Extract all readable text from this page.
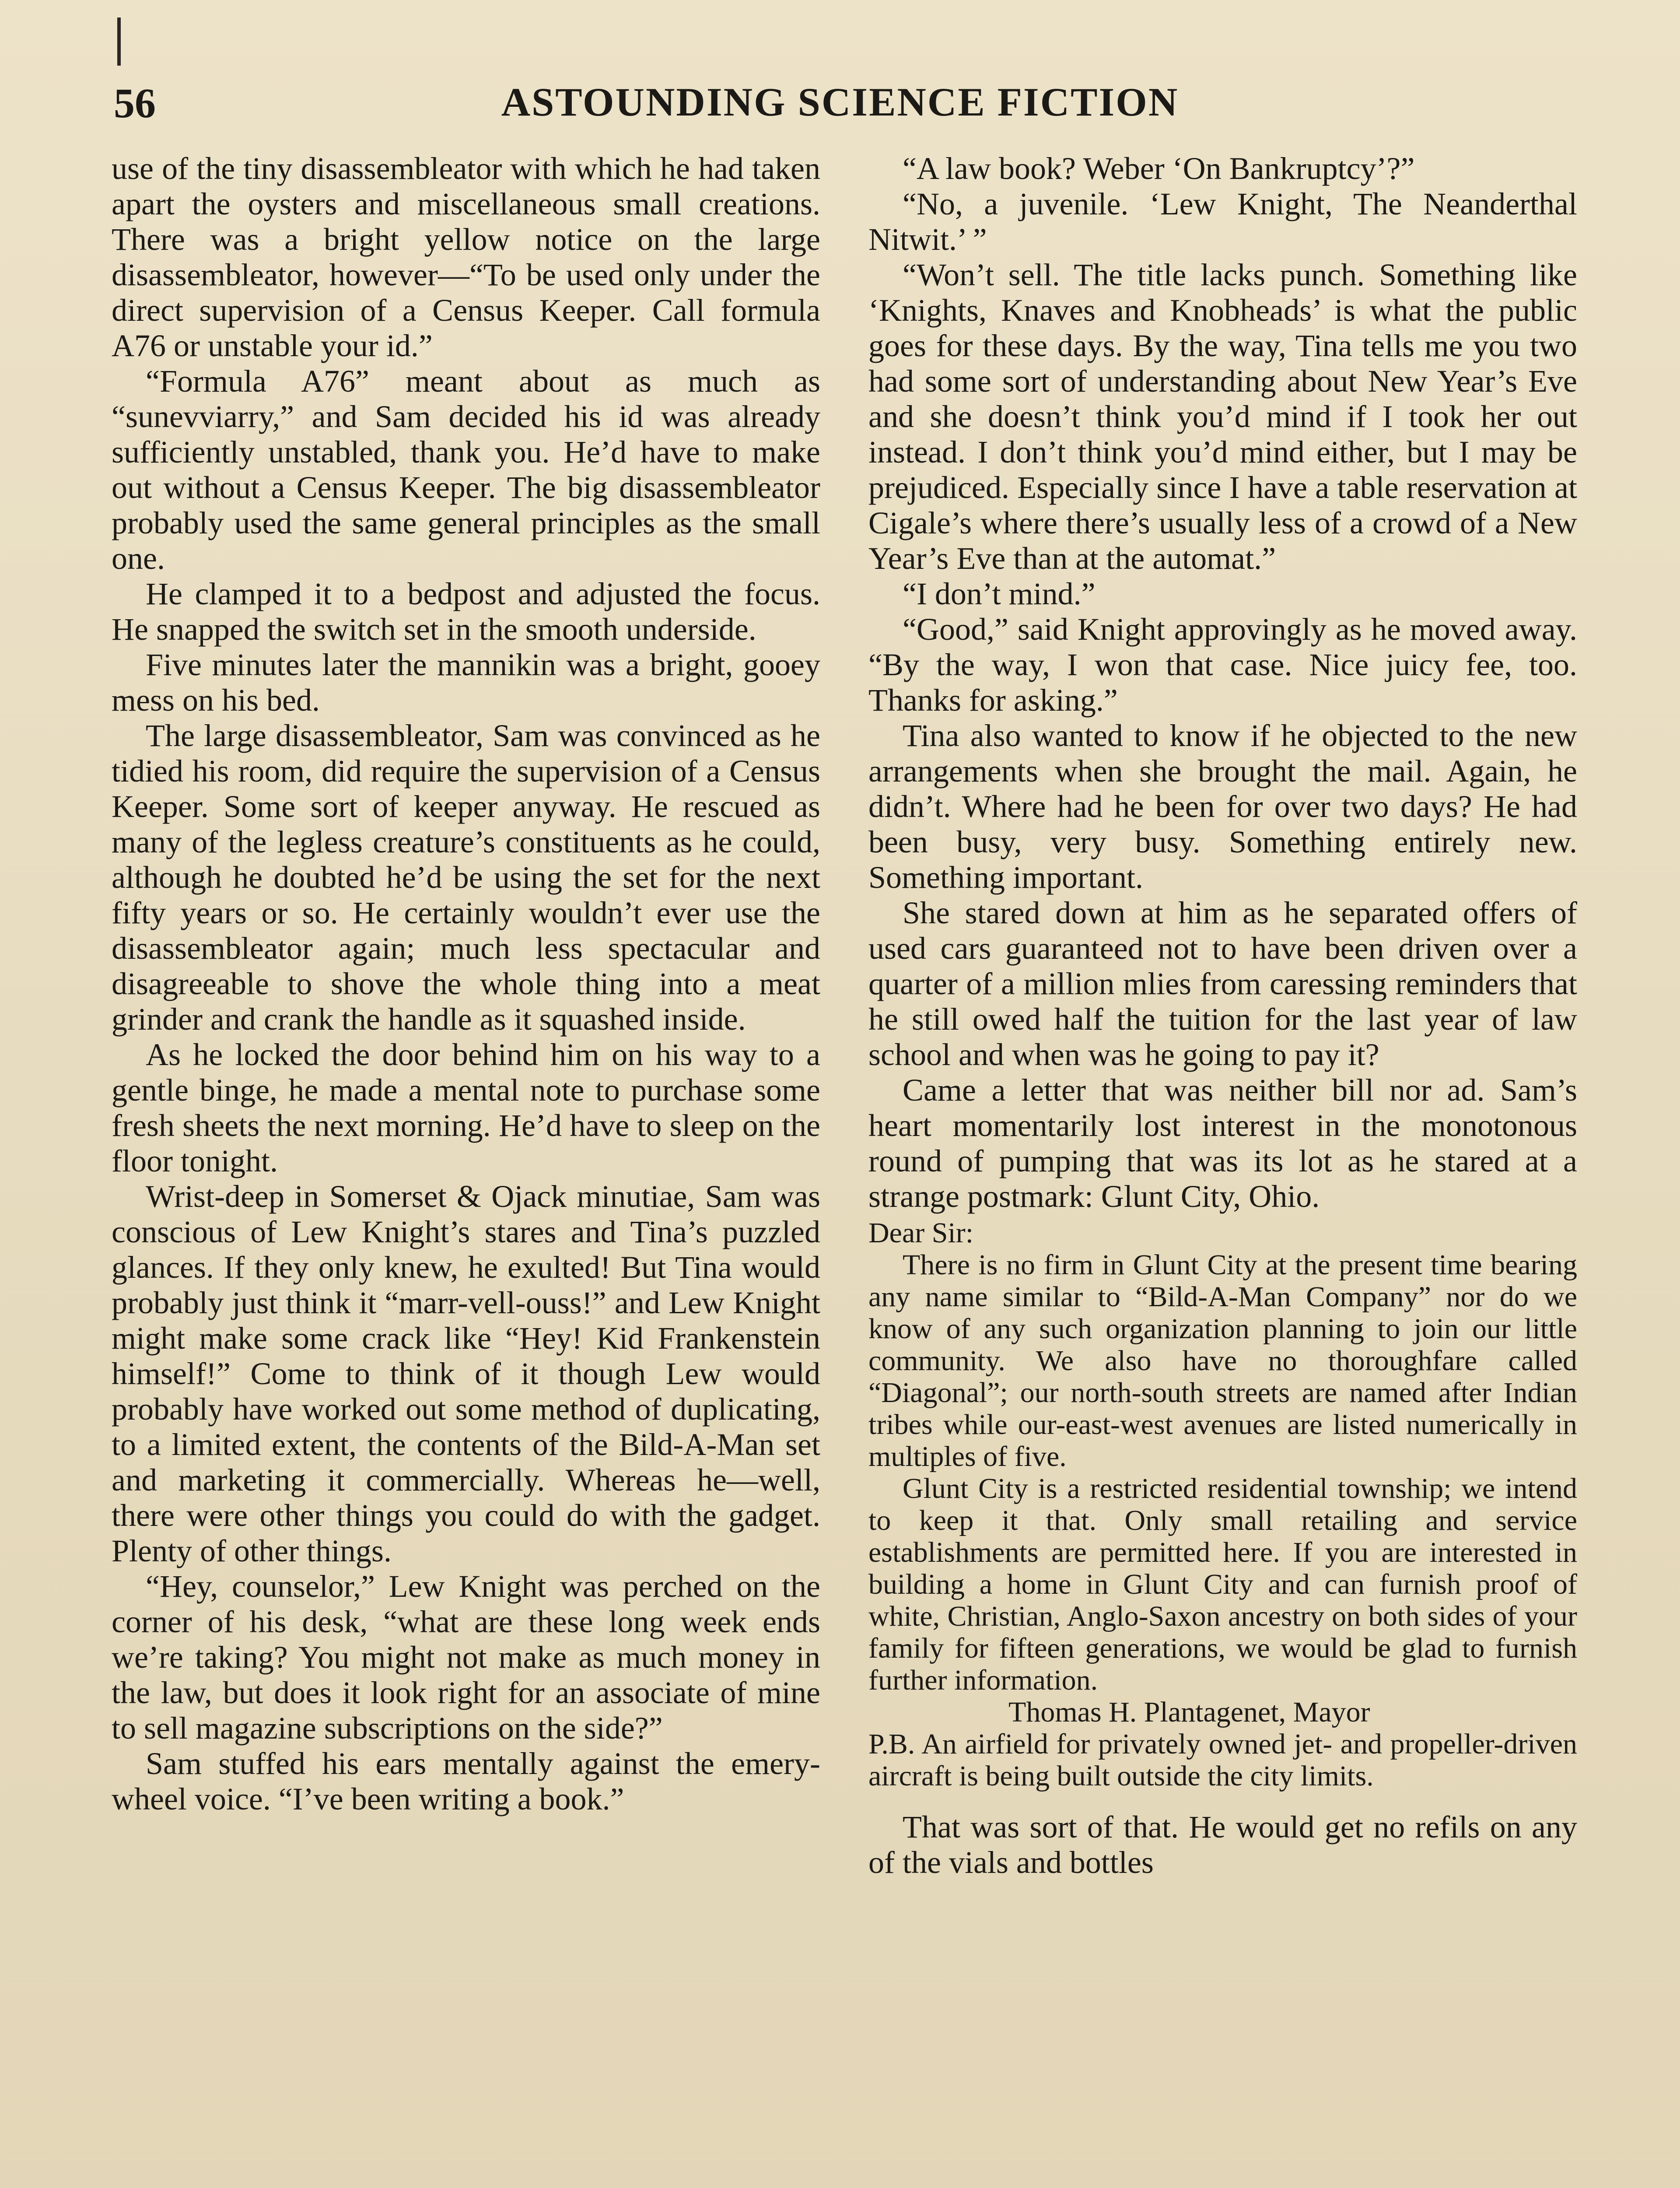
56	ASTOUNDING SCIENCE FICTION

use of the tiny disassembleator with which he had taken apart the oysters and miscellaneous small creations. There was a bright yellow notice on the large disassembleator, however—“To be used only under the direct supervision of a Census Keeper. Call formula A76 or unstable your id.”

“Formula A76” meant about as much as “sunevviarry,” and Sam decided his id was already sufficiently unstabled, thank you. He’d have to make out without a Census Keeper. The big disassembleator probably used the same general principles as the small one.

He clamped it to a bedpost and adjusted the focus. He snapped the switch set in the smooth underside.

Five minutes later the mannikin was a bright, gooey mess on his bed.

The large disassembleator, Sam was convinced as he tidied his room, did require the supervision of a Census Keeper. Some sort of keeper anyway. He rescued as many of the legless creature’s constituents as he could, although he doubted he’d be using the set for the next fifty years or so. He certainly wouldn’t ever use the disassembleator again; much less spectacular and disagreeable to shove the whole thing into a meat grinder and crank the handle as it squashed inside.

As he locked the door behind him on his way to a gentle binge, he made a mental note to purchase some fresh sheets the next morning. He’d have to sleep on the floor tonight.

Wrist-deep in Somerset & Ojack minutiae, Sam was conscious of Lew Knight’s stares and Tina’s puzzled glances. If they only knew, he exulted! But Tina would probably just think it “marr-vell-ouss!” and Lew Knight might make some crack like “Hey! Kid Frankenstein himself!” Come to think of it though Lew would probably have worked out some method of duplicating, to a limited extent, the contents of the Bild-A-Man set and marketing it commercially. Whereas he—well, there were other things you could do with the gadget. Plenty of other things.

“Hey, counselor,” Lew Knight was perched on the corner of his desk, “what are these long week ends we’re taking? You might not make as much money in the law, but does it look right for an associate of mine to sell magazine subscriptions on the side?”

Sam stuffed his ears mentally against the emery-wheel voice. “I’ve been writing a book.”

“A law book? Weber ‘On Bankruptcy’?”

“No, a juvenile. ‘Lew Knight, The Neanderthal Nitwit.’ ”

“Won’t sell. The title lacks punch. Something like ‘Knights, Knaves and Knobheads’ is what the public goes for these days. By the way, Tina tells me you two had some sort of understanding about New Year’s Eve and she doesn’t think you’d mind if I took her out instead. I don’t think you’d mind either, but I may be prejudiced. Especially since I have a table reservation at Cigale’s where there’s usually less of a crowd of a New Year’s Eve than at the automat.”

“I don’t mind.”

“Good,” said Knight approvingly as he moved away. “By the way, I won that case. Nice juicy fee, too. Thanks for asking.”

Tina also wanted to know if he objected to the new arrangements when she brought the mail. Again, he didn’t. Where had he been for over two days? He had been busy, very busy. Something entirely new. Something important.

She stared down at him as he separated offers of used cars guaranteed not to have been driven over a quarter of a million mlies from caressing reminders that he still owed half the tuition for the last year of law school and when was he going to pay it?

Came a letter that was neither bill nor ad. Sam’s heart momentarily lost interest in the monotonous round of pumping that was its lot as he stared at a strange postmark: Glunt City, Ohio.

Dear Sir:

There is no firm in Glunt City at the present time bearing any name similar to “Bild-A-Man Company” nor do we know of any such organization planning to join our little community. We also have no thoroughfare called “Diagonal”; our north-south streets are named after Indian tribes while our-east-west avenues are listed numerically in multiples of five.

Glunt City is a restricted residential township; we intend to keep it that. Only small retailing and service establishments are permitted here. If you are interested in building a home in Glunt City and can furnish proof of white, Christian, Anglo-Saxon ancestry on both sides of your family for fifteen generations, we would be glad to furnish further information.

Thomas H. Plantagenet, Mayor

P.B. An airfield for privately owned jet- and propeller-driven aircraft is being built outside the city limits.

That was sort of that. He would get no refils on any of the vials and bottles
